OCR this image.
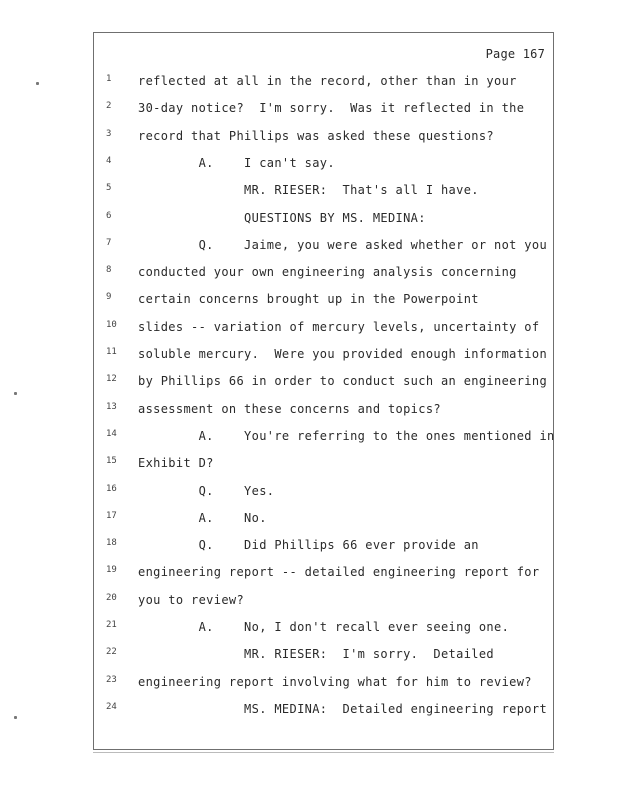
Page 167
1	reflected at all in the record, other than in your
2	30-day notice?  I'm sorry.  Was it reflected in the
3	record that Phillips was asked these questions?
4	A.    I can't say.
5	MR. RIESER:  That's all I have.
6	QUESTIONS BY MS. MEDINA:
7	Q.    Jaime, you were asked whether or not you
8	conducted your own engineering analysis concerning
9	certain concerns brought up in the Powerpoint
10	slides -- variation of mercury levels, uncertainty of
11	soluble mercury.  Were you provided enough information
12	by Phillips 66 in order to conduct such an engineering
13	assessment on these concerns and topics?
14	A.    You're referring to the ones mentioned in
15	Exhibit D?
16	Q.    Yes.
17	A.    No.
18	Q.    Did Phillips 66 ever provide an
19	engineering report -- detailed engineering report for
20	you to review?
21	A.    No, I don't recall ever seeing one.
22	MR. RIESER:  I'm sorry.  Detailed
23	engineering report involving what for him to review?
24	MS. MEDINA:  Detailed engineering report
